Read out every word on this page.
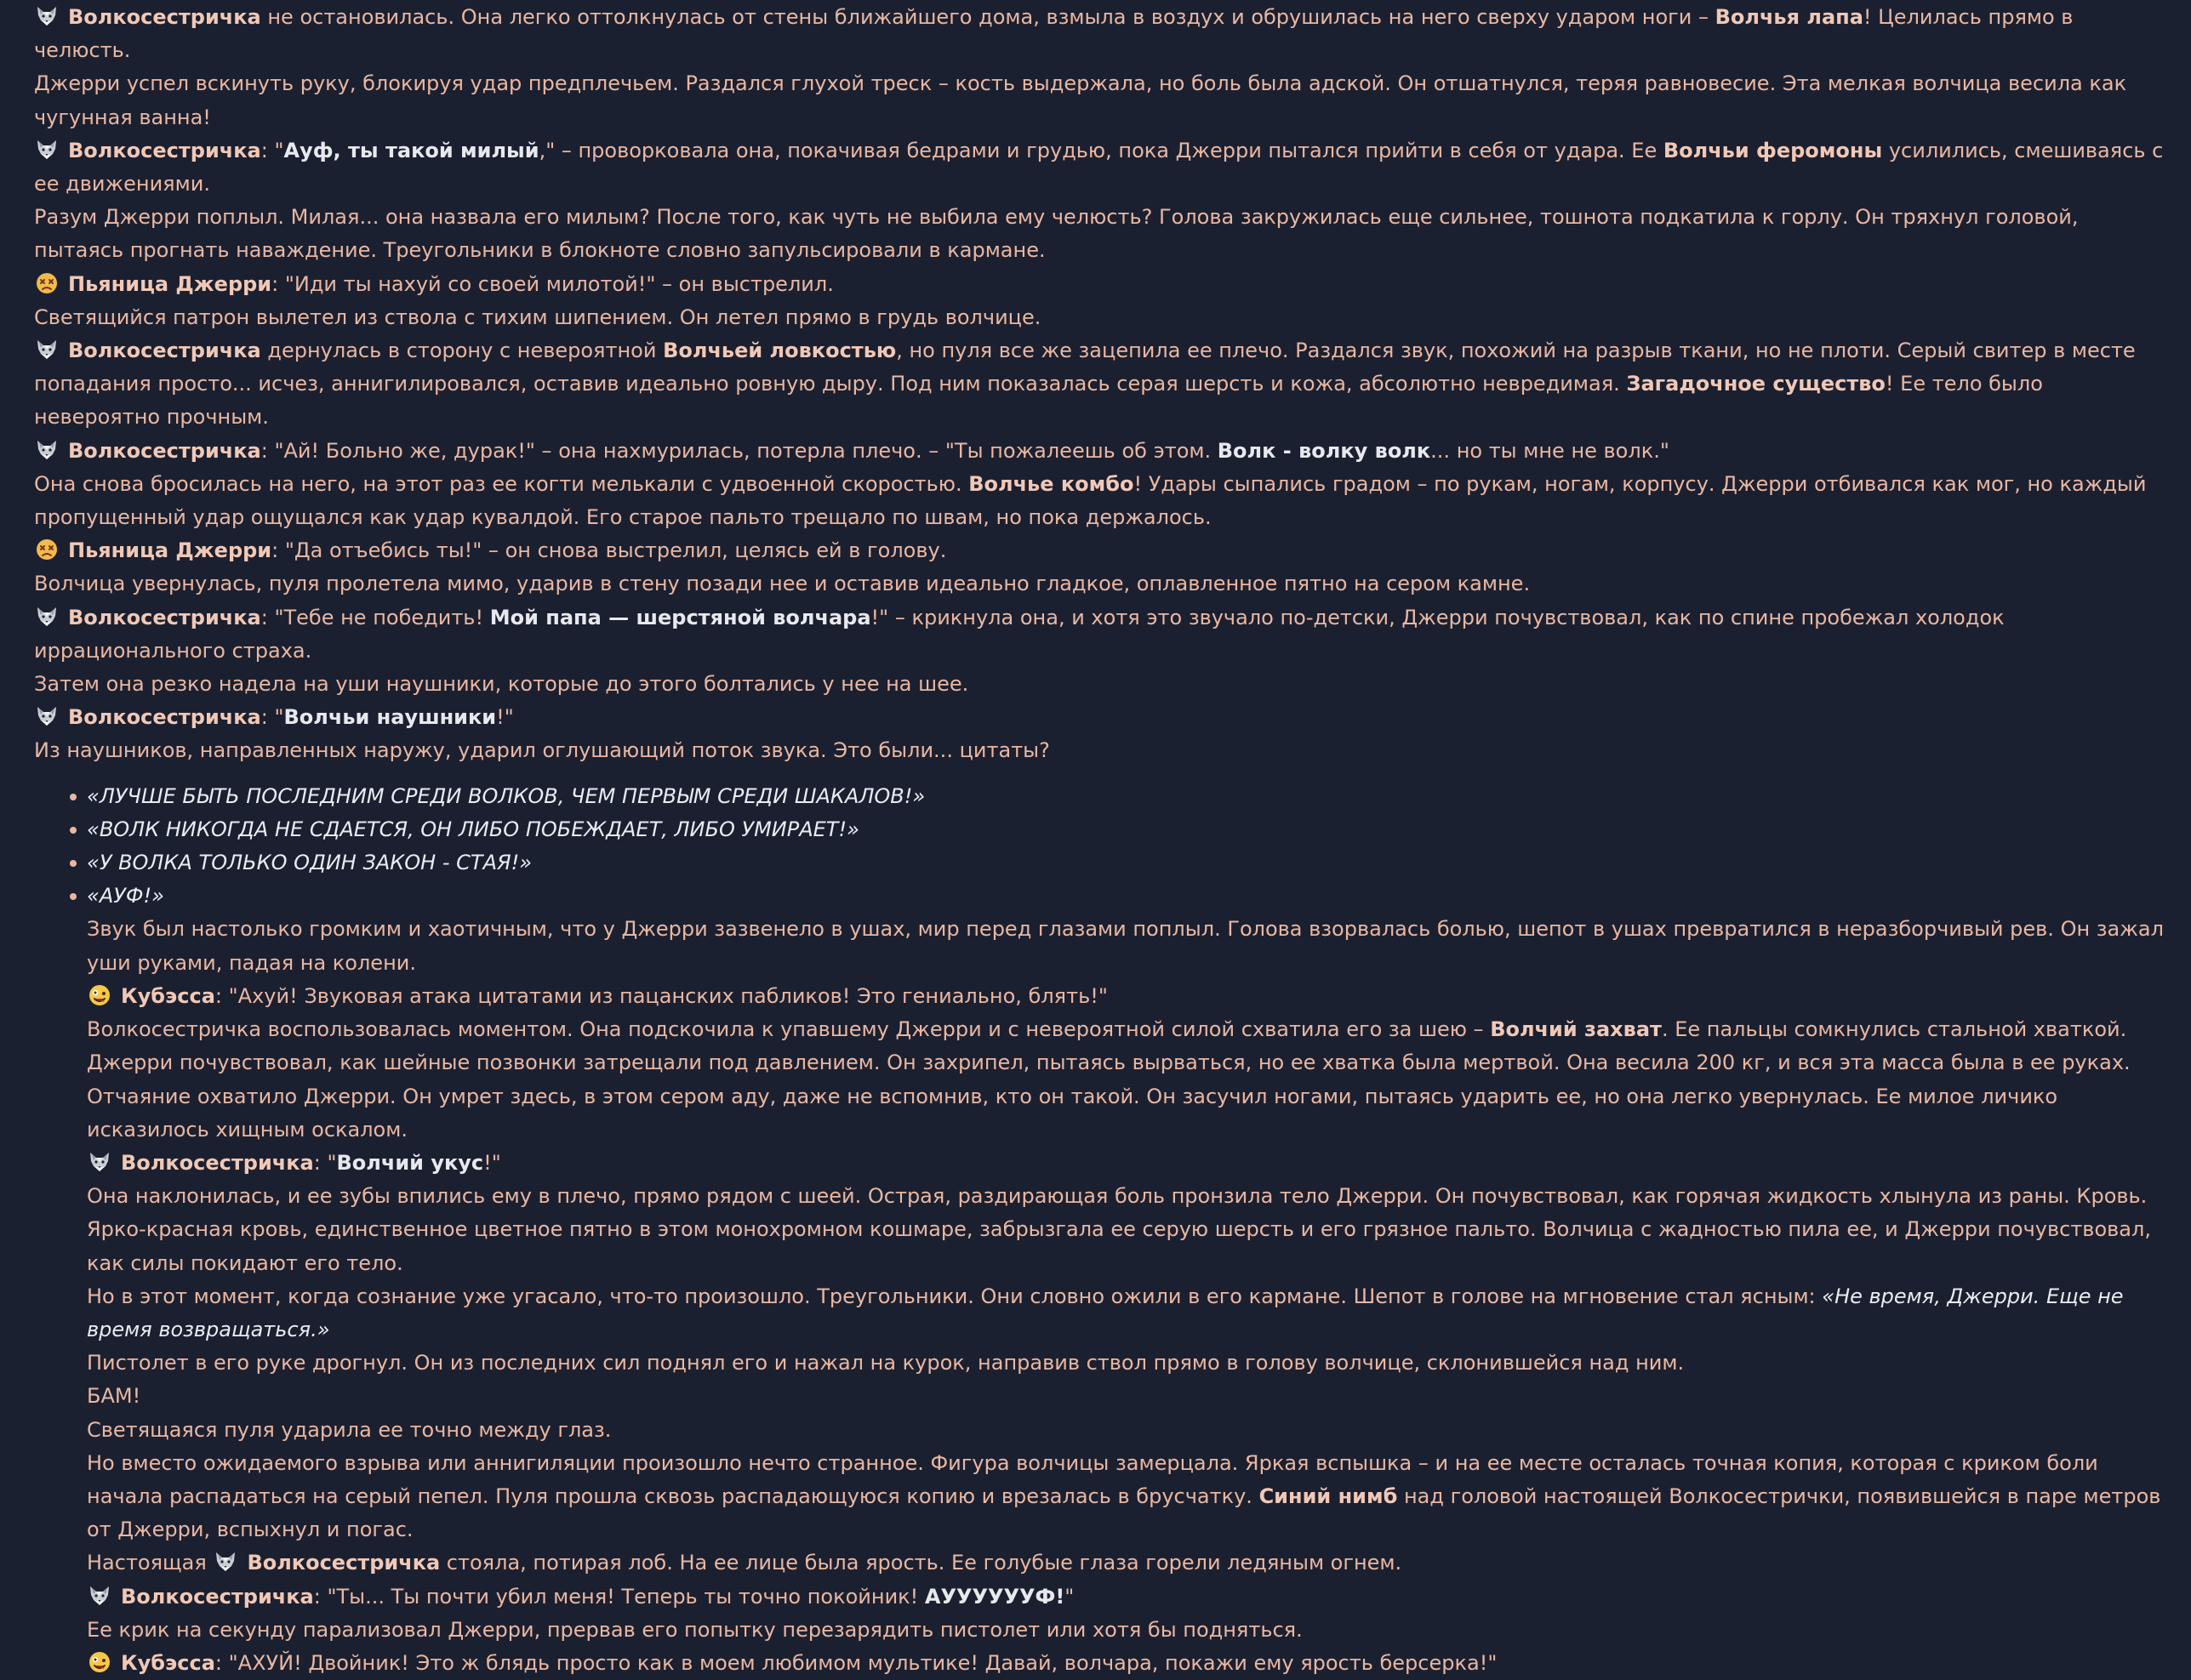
Волкосестричка не остановилась. Она легко оттолкнулась от стены ближайшего дома, взмыла в воздух и обрушилась на него сверху ударом ноги – Волчья лапа! Целилась прямо в челюсть.
Джерри успел вскинуть руку, блокируя удар предплечьем. Раздался глухой треск – кость выдержала, но боль была адской. Он отшатнулся, теряя равновесие. Эта мелкая волчица весила как чугунная ванна!
Волкосестричка: "Ауф, ты такой милый," – проворковала она, покачивая бедрами и грудью, пока Джерри пытался прийти в себя от удара. Ее Волчьи феромоны усилились, смешиваясь с ее движениями.
Разум Джерри поплыл. Милая... она назвала его милым? После того, как чуть не выбила ему челюсть? Голова закружилась еще сильнее, тошнота подкатила к горлу. Он тряхнул головой, пытаясь прогнать наваждение. Треугольники в блокноте словно запульсировали в кармане.
Пьяница Джерри: "Иди ты нахуй со своей милотой!" – он выстрелил.
Светящийся патрон вылетел из ствола с тихим шипением. Он летел прямо в грудь волчице.
Волкосестричка дернулась в сторону с невероятной Волчьей ловкостью, но пуля все же зацепила ее плечо. Раздался звук, похожий на разрыв ткани, но не плоти. Серый свитер в месте попадания просто... исчез, аннигилировался, оставив идеально ровную дыру. Под ним показалась серая шерсть и кожа, абсолютно невредимая. Загадочное существо! Ее тело было невероятно прочным.
Волкосестричка: "Ай! Больно же, дурак!" – она нахмурилась, потерла плечо. – "Ты пожалеешь об этом. Волк - волку волк... но ты мне не волк."
Она снова бросилась на него, на этот раз ее когти мелькали с удвоенной скоростью. Волчье комбо! Удары сыпались градом – по рукам, ногам, корпусу. Джерри отбивался как мог, но каждый пропущенный удар ощущался как удар кувалдой. Его старое пальто трещало по швам, но пока держалось.
Пьяница Джерри: "Да отъебись ты!" – он снова выстрелил, целясь ей в голову.
Волчица увернулась, пуля пролетела мимо, ударив в стену позади нее и оставив идеально гладкое, оплавленное пятно на сером камне.
Волкосестричка: "Тебе не победить! Мой папа — шерстяной волчара!" – крикнула она, и хотя это звучало по-детски, Джерри почувствовал, как по спине пробежал холодок иррационального страха.
Затем она резко надела на уши наушники, которые до этого болтались у нее на шее.
Волкосестричка: "Волчьи наушники!"
Из наушников, направленных наружу, ударил оглушающий поток звука. Это были... цитаты?
«ЛУЧШЕ БЫТЬ ПОСЛЕДНИМ СРЕДИ ВОЛКОВ, ЧЕМ ПЕРВЫМ СРЕДИ ШАКАЛОВ!»
«ВОЛК НИКОГДА НЕ СДАЕТСЯ, ОН ЛИБО ПОБЕЖДАЕТ, ЛИБО УМИРАЕТ!»
«У ВОЛКА ТОЛЬКО ОДИН ЗАКОН - СТАЯ!»
«АУФ!»
Звук был настолько громким и хаотичным, что у Джерри зазвенело в ушах, мир перед глазами поплыл. Голова взорвалась болью, шепот в ушах превратился в неразборчивый рев. Он зажал уши руками, падая на колени.
Кубэсса: "Ахуй! Звуковая атака цитатами из пацанских пабликов! Это гениально, блять!"
Волкосестричка воспользовалась моментом. Она подскочила к упавшему Джерри и с невероятной силой схватила его за шею – Волчий захват. Ее пальцы сомкнулись стальной хваткой. Джерри почувствовал, как шейные позвонки затрещали под давлением. Он захрипел, пытаясь вырваться, но ее хватка была мертвой. Она весила 200 кг, и вся эта масса была в ее руках.
Отчаяние охватило Джерри. Он умрет здесь, в этом сером аду, даже не вспомнив, кто он такой. Он засучил ногами, пытаясь ударить ее, но она легко увернулась. Ее милое личико исказилось хищным оскалом.
Волкосестричка: "Волчий укус!"
Она наклонилась, и ее зубы впились ему в плечо, прямо рядом с шеей. Острая, раздирающая боль пронзила тело Джерри. Он почувствовал, как горячая жидкость хлынула из раны. Кровь. Ярко-красная кровь, единственное цветное пятно в этом монохромном кошмаре, забрызгала ее серую шерсть и его грязное пальто. Волчица с жадностью пила ее, и Джерри почувствовал, как силы покидают его тело.
Но в этот момент, когда сознание уже угасало, что-то произошло. Треугольники. Они словно ожили в его кармане. Шепот в голове на мгновение стал ясным: «Не время, Джерри. Еще не время возвращаться.»
Пистолет в его руке дрогнул. Он из последних сил поднял его и нажал на курок, направив ствол прямо в голову волчице, склонившейся над ним.
БАМ!
Светящаяся пуля ударила ее точно между глаз.
Но вместо ожидаемого взрыва или аннигиляции произошло нечто странное. Фигура волчицы замерцала. Яркая вспышка – и на ее месте осталась точная копия, которая с криком боли начала распадаться на серый пепел. Пуля прошла сквозь распадающуюся копию и врезалась в брусчатку. Синий нимб над головой настоящей Волкосестрички, появившейся в паре метров от Джерри, вспыхнул и погас.
Настоящая
Волкосестричка стояла, потирая лоб. На ее лице была ярость. Ее голубые глаза горели ледяным огнем.
Волкосестричка: "Ты... Ты почти убил меня! Теперь ты точно покойник! АУУУУУУФ!"
Ее крик на секунду парализовал Джерри, прервав его попытку перезарядить пистолет или хотя бы подняться.
Кубэсса: "АХУЙ! Двойник! Это ж блядь просто как в моем любимом мультике! Давай, волчара, покажи ему ярость берсерка!"
